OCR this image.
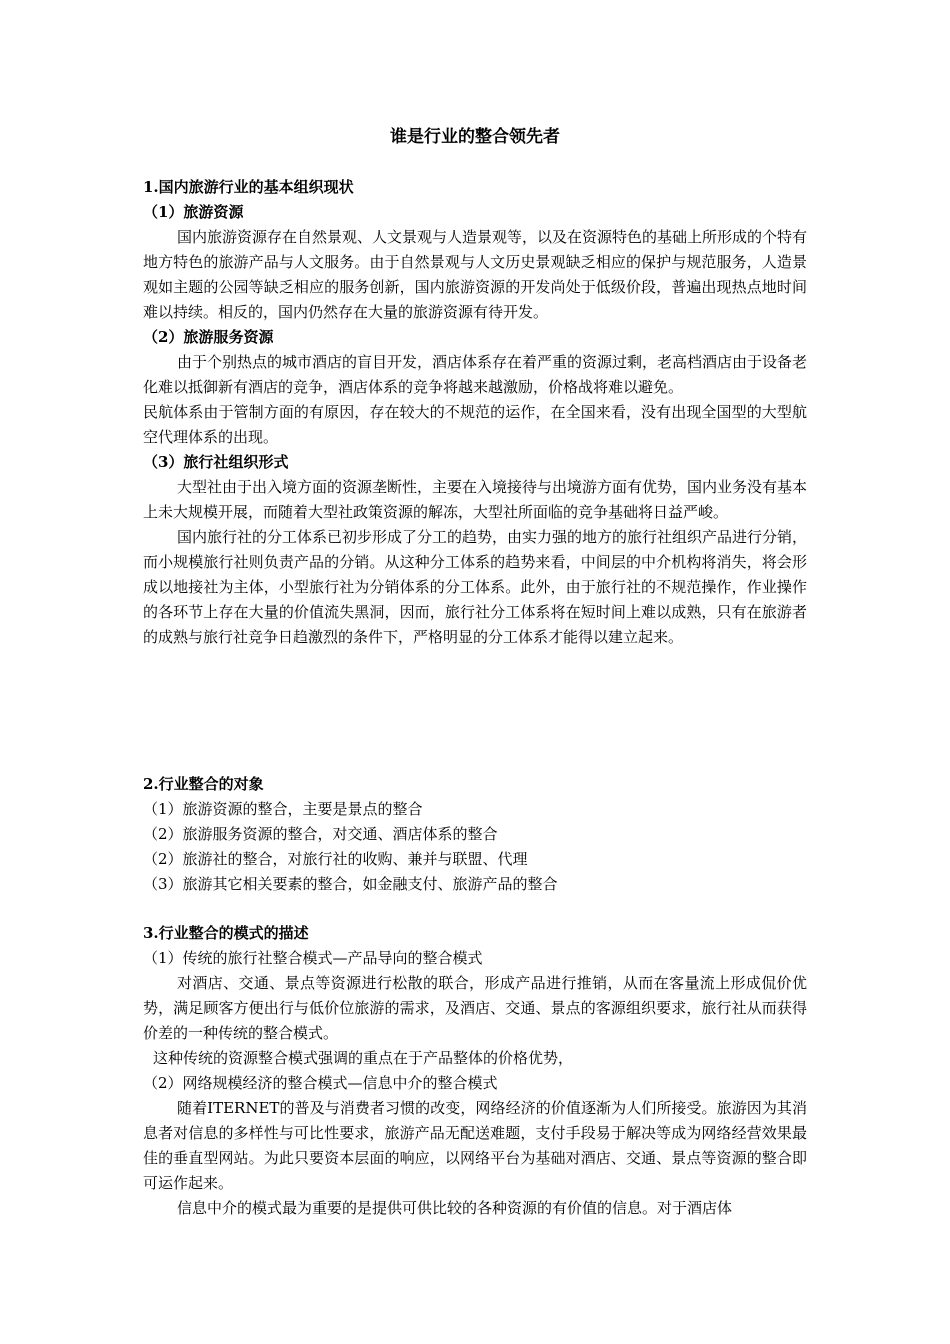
谁是行业的整合领先者

1.国内旅游行业的基本组织现状

（1）旅游资源

国内旅游资源存在自然景观、人文景观与人造景观等，以及在资源特色的基础上所形成的个特有地方特色的旅游产品与人文服务。由于自然景观与人文历史景观缺乏相应的保护与规范服务，人造景观如主题的公园等缺乏相应的服务创新，国内旅游资源的开发尚处于低级价段，普遍出现热点地时间难以持续。相反的，国内仍然存在大量的旅游资源有待开发。

（2）旅游服务资源

由于个别热点的城市酒店的盲目开发，酒店体系存在着严重的资源过剩，老高档酒店由于设备老化难以抵御新有酒店的竞争，酒店体系的竞争将越来越激励，价格战将难以避免。

民航体系由于管制方面的有原因，存在较大的不规范的运作，在全国来看，没有出现全国型的大型航空代理体系的出现。

（3）旅行社组织形式

大型社由于出入境方面的资源垄断性，主要在入境接待与出境游方面有优势，国内业务没有基本上未大规模开展，而随着大型社政策资源的解冻，大型社所面临的竞争基础将日益严峻。

国内旅行社的分工体系已初步形成了分工的趋势，由实力强的地方的旅行社组织产品进行分销，而小规模旅行社则负责产品的分销。从这种分工体系的趋势来看，中间层的中介机构将消失，将会形成以地接社为主体，小型旅行社为分销体系的分工体系。此外，由于旅行社的不规范操作，作业操作的各环节上存在大量的价值流失黑洞，因而，旅行社分工体系将在短时间上难以成熟，只有在旅游者的成熟与旅行社竞争日趋激烈的条件下，严格明显的分工体系才能得以建立起来。

2.行业整合的对象

（1）旅游资源的整合，主要是景点的整合

（2）旅游服务资源的整合，对交通、酒店体系的整合

（2）旅游社的整合，对旅行社的收购、兼并与联盟、代理

（3）旅游其它相关要素的整合，如金融支付、旅游产品的整合

3.行业整合的模式的描述

（1）传统的旅行社整合模式—产品导向的整合模式

对酒店、交通、景点等资源进行松散的联合，形成产品进行推销，从而在客量流上形成侃价优势，满足顾客方便出行与低价位旅游的需求，及酒店、交通、景点的客源组织要求，旅行社从而获得价差的一种传统的整合模式。

这种传统的资源整合模式强调的重点在于产品整体的价格优势，

（2）网络规模经济的整合模式—信息中介的整合模式

随着ITERNET的普及与消费者习惯的改变，网络经济的价值逐渐为人们所接受。旅游因为其消息者对信息的多样性与可比性要求，旅游产品无配送难题，支付手段易于解决等成为网络经营效果最佳的垂直型网站。为此只要资本层面的响应，以网络平台为基础对酒店、交通、景点等资源的整合即可运作起来。

信息中介的模式最为重要的是提供可供比较的各种资源的有价值的信息。对于酒店体
